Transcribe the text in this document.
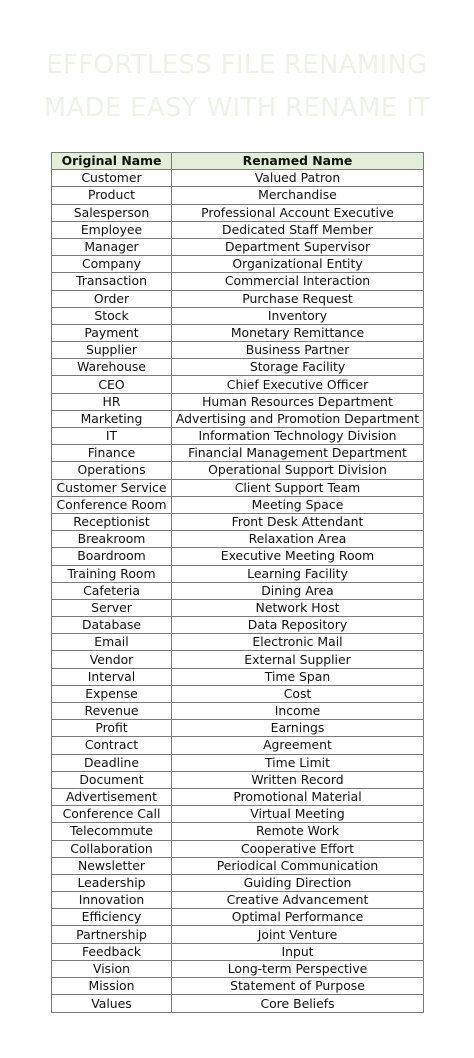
EFFORTLESS FILE RENAMING
MADE EASY WITH RENAME IT
Original Name	Renamed Name
Customer	Valued Patron
Product	Merchandise
Salesperson	Professional Account Executive
Employee	Dedicated Staff Member
Manager	Department Supervisor
Company	Organizational Entity
Transaction	Commercial Interaction
Order	Purchase Request
Stock	Inventory
Payment	Monetary Remittance
Supplier	Business Partner
Warehouse	Storage Facility
CEO	Chief Executive Officer
HR	Human Resources Department
Marketing	Advertising and Promotion Department
IT	Information Technology Division
Finance	Financial Management Department
Operations	Operational Support Division
Customer Service	Client Support Team
Conference Room	Meeting Space
Receptionist	Front Desk Attendant
Breakroom	Relaxation Area
Boardroom	Executive Meeting Room
Training Room	Learning Facility
Cafeteria	Dining Area
Server	Network Host
Database	Data Repository
Email	Electronic Mail
Vendor	External Supplier
Interval	Time Span
Expense	Cost
Revenue	Income
Profit	Earnings
Contract	Agreement
Deadline	Time Limit
Document	Written Record
Advertisement	Promotional Material
Conference Call	Virtual Meeting
Telecommute	Remote Work
Collaboration	Cooperative Effort
Newsletter	Periodical Communication
Leadership	Guiding Direction
Innovation	Creative Advancement
Efficiency	Optimal Performance
Partnership	Joint Venture
Feedback	Input
Vision	Long-term Perspective
Mission	Statement of Purpose
Values	Core Beliefs
